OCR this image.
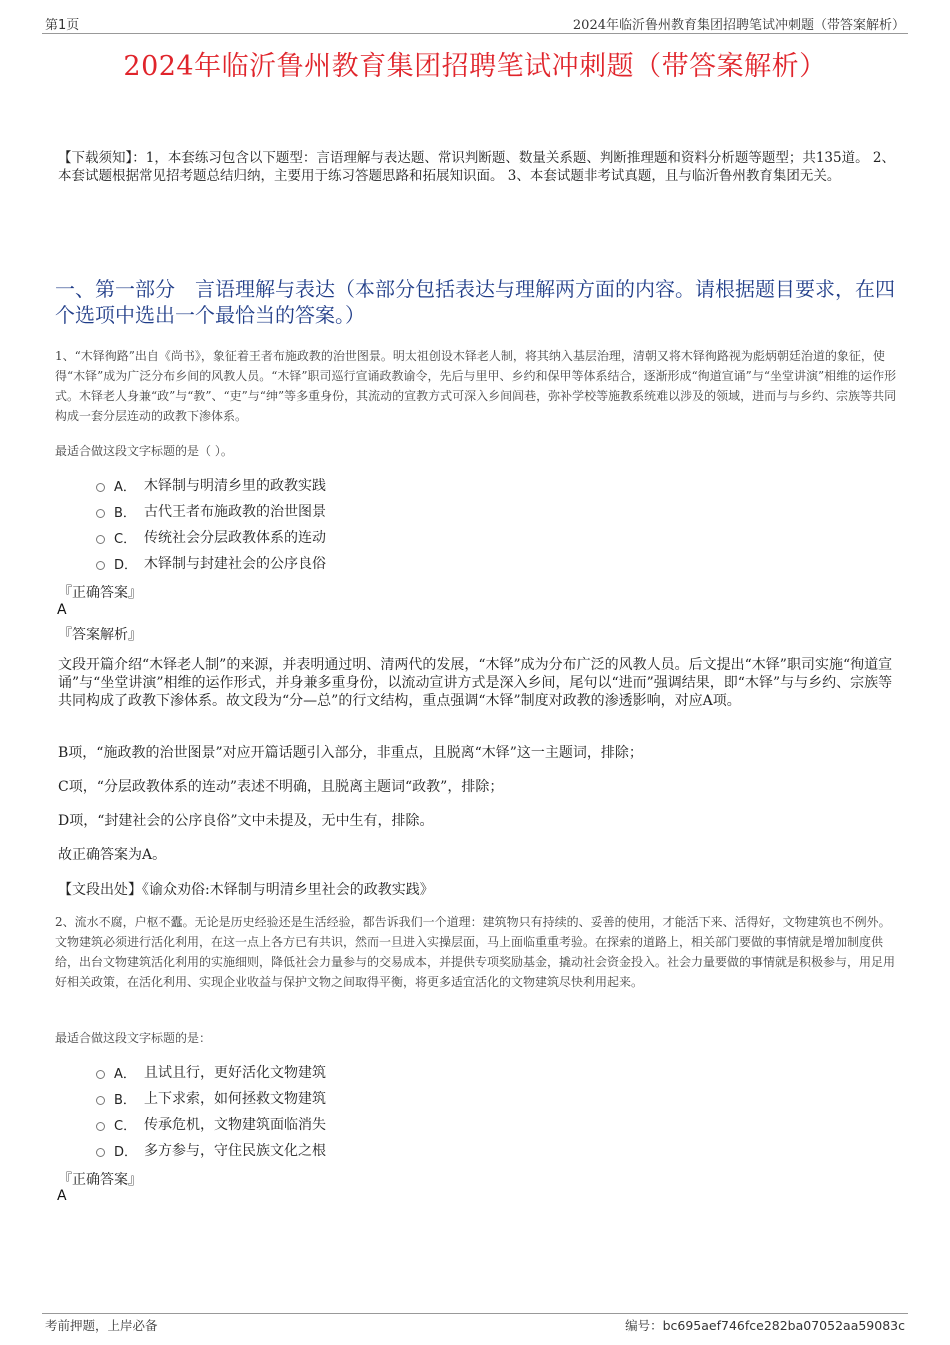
第1页	2024年临沂鲁州教育集团招聘笔试冲刺题（带答案解析）
2024年临沂鲁州教育集团招聘笔试冲刺题（带答案解析）
【下载须知】：1，本套练习包含以下题型：言语理解与表达题、常识判断题、数量关系题、判断推理题和资料分析题等题型；共135道。 2、本套试题根据常见招考题总结归纳，主要用于练习答题思路和拓展知识面。 3、本套试题非考试真题，且与临沂鲁州教育集团无关。
一、第一部分　言语理解与表达（本部分包括表达与理解两方面的内容。请根据题目要求，在四个选项中选出一个最恰当的答案。）
1、“木铎徇路”出自《尚书》，象征着王者布施政教的治世图景。明太祖创设木铎老人制，将其纳入基层治理，清朝又将木铎徇路视为彪炳朝廷治道的象征，使得“木铎”成为广泛分布乡间的风教人员。“木铎”职司巡行宣诵政教谕令，先后与里甲、乡约和保甲等体系结合，逐渐形成“徇道宣诵”与“坐堂讲演”相维的运作形式。木铎老人身兼“政”与“教”、“吏”与“绅”等多重身份，其流动的宣教方式可深入乡间闾巷，弥补学校等施教系统难以涉及的领域，进而与与乡约、宗族等共同构成一套分层连动的政教下渗体系。
最适合做这段文字标题的是（ ）。
A． 木铎制与明清乡里的政教实践
B． 古代王者布施政教的治世图景
C． 传统社会分层政教体系的连动
D． 木铎制与封建社会的公序良俗
『正确答案』
A
『答案解析』
文段开篇介绍“木铎老人制”的来源，并表明通过明、清两代的发展，“木铎”成为分布广泛的风教人员。后文提出“木铎”职司实施“徇道宣诵”与“坐堂讲演”相维的运作形式，并身兼多重身份，以流动宣讲方式是深入乡间，尾句以“进而”强调结果，即“木铎”与与乡约、宗族等共同构成了政教下渗体系。故文段为“分—总”的行文结构，重点强调“木铎”制度对政教的渗透影响，对应A项。
B项，“施政教的治世图景”对应开篇话题引入部分，非重点，且脱离“木铎”这一主题词，排除；
C项，“分层政教体系的连动”表述不明确，且脱离主题词“政教”，排除；
D项，“封建社会的公序良俗”文中未提及，无中生有，排除。
故正确答案为A。
【文段出处】《谕众劝俗:木铎制与明清乡里社会的政教实践》
2、流水不腐，户枢不蠹。无论是历史经验还是生活经验，都告诉我们一个道理：建筑物只有持续的、妥善的使用，才能活下来、活得好，文物建筑也不例外。文物建筑必须进行活化利用，在这一点上各方已有共识，然而一旦进入实操层面，马上面临重重考验。在探索的道路上，相关部门要做的事情就是增加制度供给，出台文物建筑活化利用的实施细则，降低社会力量参与的交易成本，并提供专项奖励基金，撬动社会资金投入。社会力量要做的事情就是积极参与，用足用好相关政策，在活化利用、实现企业收益与保护文物之间取得平衡，将更多适宜活化的文物建筑尽快利用起来。
最适合做这段文字标题的是：
A． 且试且行，更好活化文物建筑
B． 上下求索，如何拯救文物建筑
C． 传承危机，文物建筑面临消失
D． 多方参与，守住民族文化之根
『正确答案』
A
考前押题，上岸必备	编号：bc695aef746fce282ba07052aa59083c
